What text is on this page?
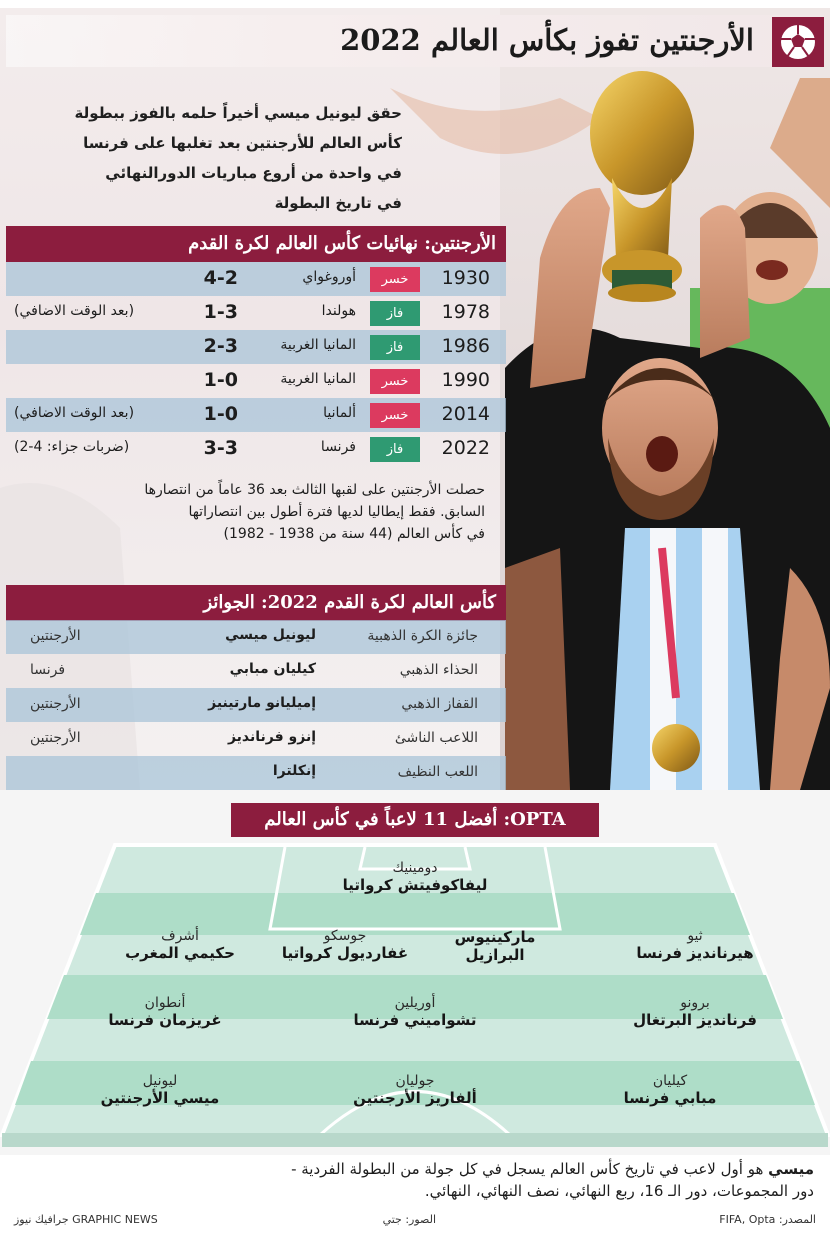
الأرجنتين تفوز بكأس العالم 2022
حقق ليونيل ميسي أخيراً حلمه بالفوز ببطولة
كأس العالم للأرجنتين بعد تغلبها على فرنسا
في واحدة من أروع مباريات الدورالنهائي
في تاريخ البطولة
الأرجنتين: نهائيات كأس العالم لكرة القدم
1930
خسر
أوروغواي
4-2
1978
فاز
هولندا
1-3
(بعد الوقت الاضافي)
1986
فاز
المانيا الغربية
2-3
1990
خسر
المانيا الغربية
1-0
2014
خسر
ألمانيا
1-0
(بعد الوقت الاضافي)
2022
فاز
فرنسا
3-3
(ضربات جزاء: 4-2)
حصلت الأرجنتين على لقبها الثالث بعد 36 عاماً من انتصارها
السابق. فقط إيطاليا لديها فترة أطول بين انتصاراتها
في كأس العالم (44 سنة من 1938 - 1982)
كأس العالم لكرة القدم 2022: الجوائز
جائزة الكرة الذهبية
ليونيل ميسي
الأرجنتين
الحذاء الذهبي
كيليان مبابي
فرنسا
القفاز الذهبي
إميليانو مارتينيز
الأرجنتين
اللاعب الناشئ
إنزو فرنانديز
الأرجنتين
اللعب النظيف
إنكلترا
OPTA: أفضل 11 لاعباً في كأس العالم
دومينيك
ليفاكوفيتش كرواتيا
ثيو
هيرنانديز فرنسا
ماركينيوس
البرازيل
جوسكو
غفارديول كرواتيا
أشرف
حكيمي المغرب
برونو
فرنانديز البرتغال
أوريلين
تشواميني فرنسا
أنطوان
غريزمان فرنسا
كيليان
مبابي فرنسا
جوليان
ألفاريز الأرجنتين
ليونيل
ميسي الأرجنتين
ميسي هو أول لاعب في تاريخ كأس العالم يسجل في كل جولة من البطولة الفردية -
دور المجموعات، دور الـ 16، ربع النهائي، نصف النهائي، النهائي.
المصدر: FIFA, Opta
الصور: جتي
GRAPHIC NEWS جرافيك نيوز
